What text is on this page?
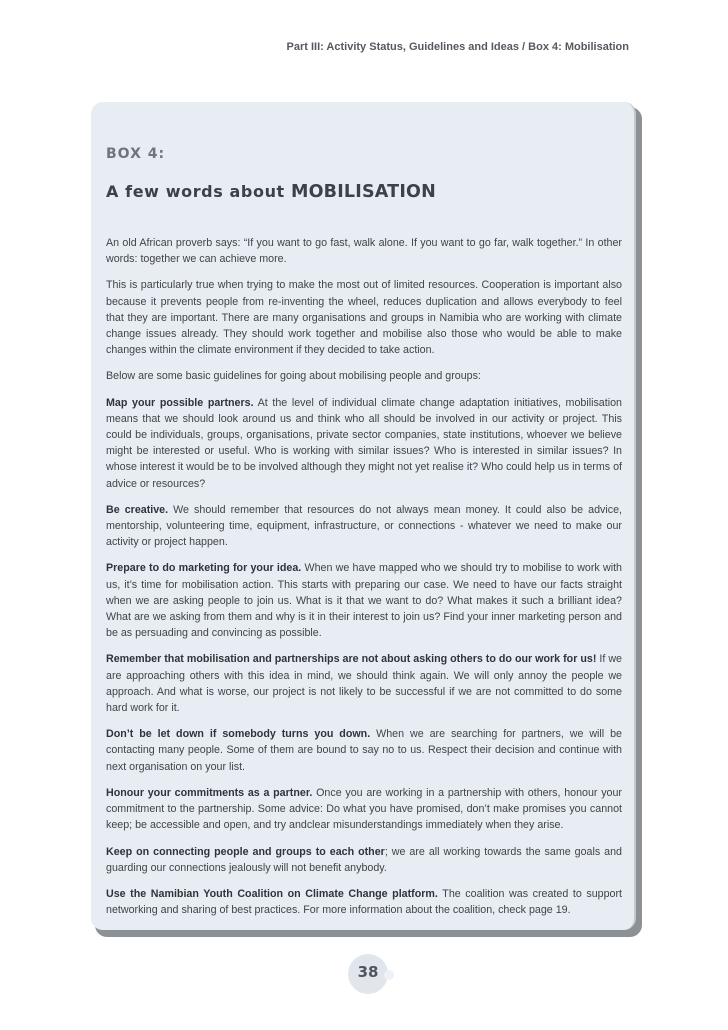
Part III: Activity Status, Guidelines and Ideas / Box 4: Mobilisation
BOX 4:
A few words about MOBILISATION

An old African proverb says: “If you want to go fast, walk alone. If you want to go far, walk together.” In other words: together we can achieve more.

This is particularly true when trying to make the most out of limited resources. Cooperation is important also because it prevents people from re-inventing the wheel, reduces duplication and allows everybody to feel that they are important. There are many organisations and groups in Namibia who are working with climate change issues already. They should work together and mobilise also those who would be able to make changes within the climate environment if they decided to take action.

Below are some basic guidelines for going about mobilising people and groups:

Map your possible partners. At the level of individual climate change adaptation initiatives, mobilisation means that we should look around us and think who all should be involved in our activity or project. This could be individuals, groups, organisations, private sector companies, state institutions, whoever we believe might be interested or useful. Who is working with similar issues? Who is interested in similar issues? In whose interest it would be to be involved although they might not yet realise it? Who could help us in terms of advice or resources?

Be creative. We should remember that resources do not always mean money. It could also be advice, mentorship, volunteering time, equipment, infrastructure, or connections - whatever we need to make our activity or project happen.

Prepare to do marketing for your idea. When we have mapped who we should try to mobilise to work with us, it’s time for mobilisation action. This starts with preparing our case. We need to have our facts straight when we are asking people to join us. What is it that we want to do? What makes it such a brilliant idea? What are we asking from them and why is it in their interest to join us? Find your inner marketing person and be as persuading and convincing as possible.

Remember that mobilisation and partnerships are not about asking others to do our work for us! If we are approaching others with this idea in mind, we should think again. We will only annoy the people we approach. And what is worse, our project is not likely to be successful if we are not committed to do some hard work for it.

Don’t be let down if somebody turns you down. When we are searching for partners, we will be contacting many people. Some of them are bound to say no to us. Respect their decision and continue with next organisation on your list.

Honour your commitments as a partner. Once you are working in a partnership with others, honour your commitment to the partnership. Some advice: Do what you have promised, don’t make promises you cannot keep; be accessible and open, and try andclear misunderstandings immediately when they arise.

Keep on connecting people and groups to each other; we are all working towards the same goals and guarding our connections jealously will not benefit anybody.

Use the Namibian Youth Coalition on Climate Change platform. The coalition was created to support networking and sharing of best practices. For more information about the coalition, check page 19.

38
